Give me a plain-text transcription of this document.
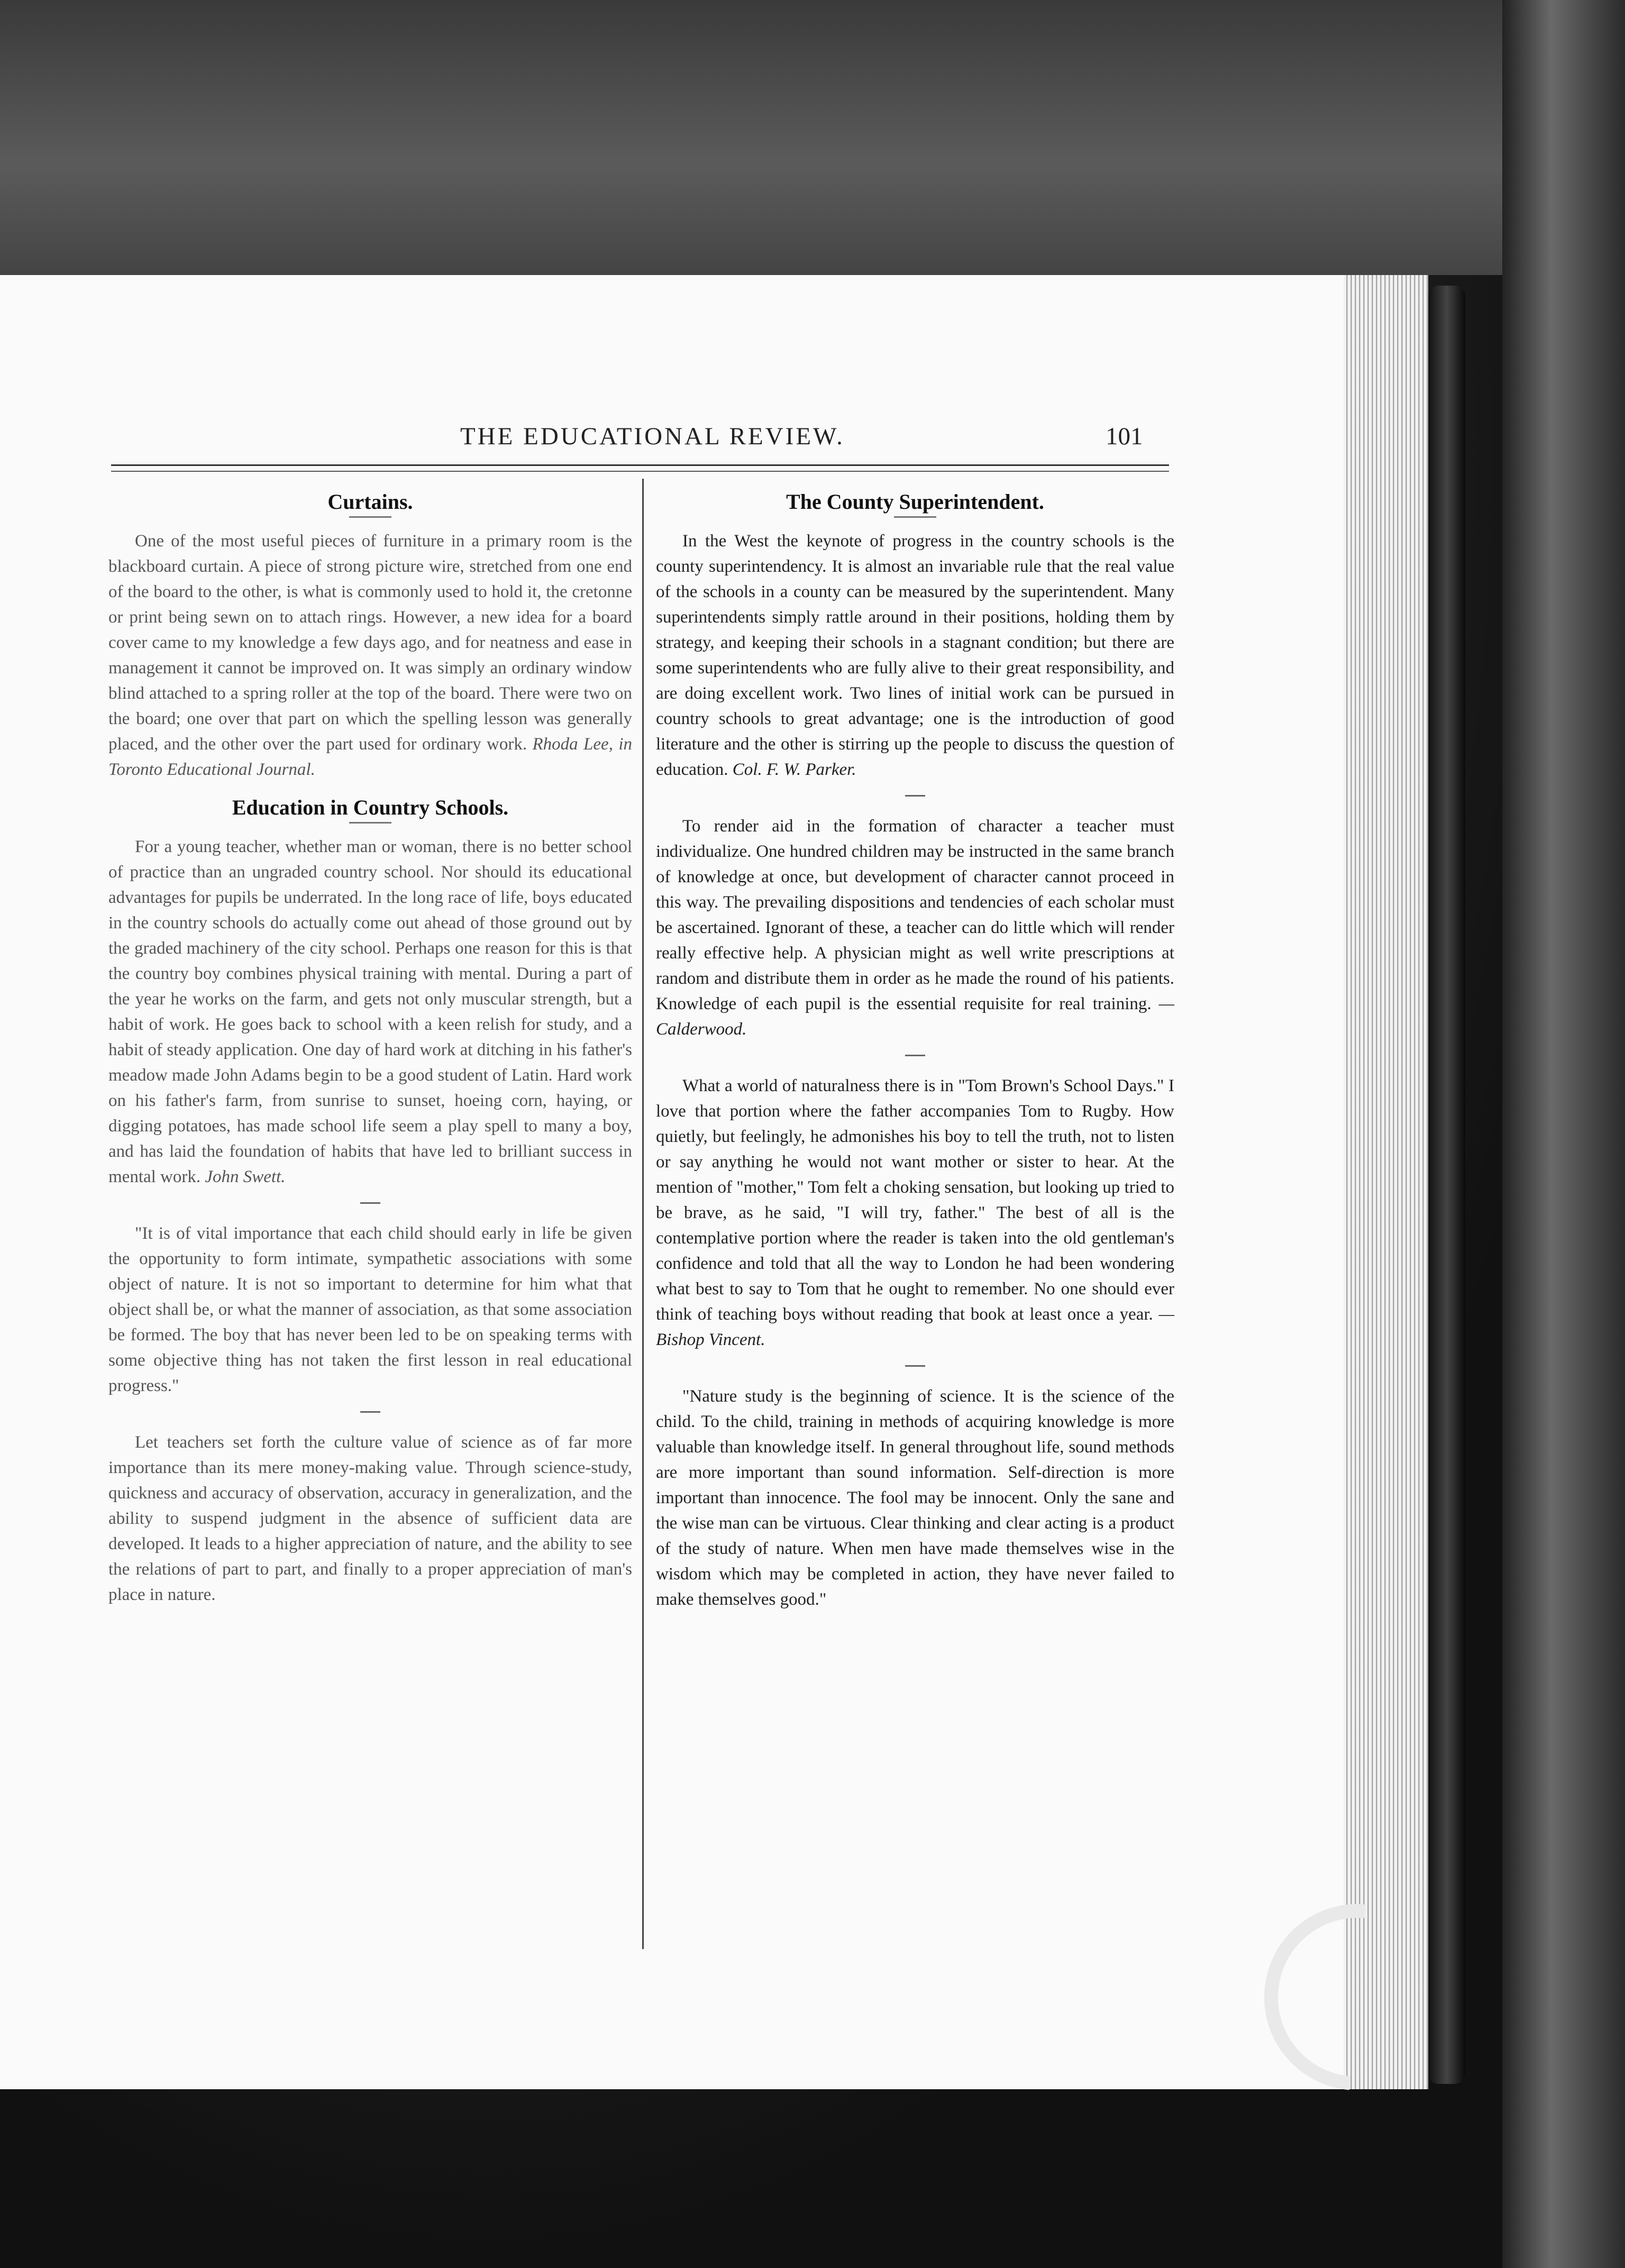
THE EDUCATIONAL REVIEW.	101
Curtains.

One of the most useful pieces of furniture in a primary room is the blackboard curtain. A piece of strong picture wire, stretched from one end of the board to the other, is what is commonly used to hold it, the cretonne or print being sewn on to attach rings. However, a new idea for a board cover came to my knowledge a few days ago, and for neatness and ease in management it cannot be improved on. It was simply an ordinary window blind attached to a spring roller at the top of the board. There were two on the board; one over that part on which the spelling lesson was generally placed, and the other over the part used for ordinary work. Rhoda Lee, in Toronto Educational Journal.

Education in Country Schools.

For a young teacher, whether man or woman, there is no better school of practice than an ungraded country school. Nor should its educational advantages for pupils be underrated. In the long race of life, boys educated in the country schools do actually come out ahead of those ground out by the graded machinery of the city school. Perhaps one reason for this is that the country boy combines physical training with mental. During a part of the year he works on the farm, and gets not only muscular strength, but a habit of work. He goes back to school with a keen relish for study, and a habit of steady application. One day of hard work at ditching in his father's meadow made John Adams begin to be a good student of Latin. Hard work on his father's farm, from sunrise to sunset, hoeing corn, haying, or digging potatoes, has made school life seem a play spell to many a boy, and has laid the foundation of habits that have led to brilliant success in mental work. John Swett.

"It is of vital importance that each child should early in life be given the opportunity to form intimate, sympathetic associations with some object of nature. It is not so important to determine for him what that object shall be, or what the manner of association, as that some association be formed. The boy that has never been led to be on speaking terms with some objective thing has not taken the first lesson in real educational progress."

Let teachers set forth the culture value of science as of far more importance than its mere money-making value. Through science-study, quickness and accuracy of observation, accuracy in generalization, and the ability to suspend judgment in the absence of sufficient data are developed. It leads to a higher appreciation of nature, and the ability to see the relations of part to part, and finally to a proper appreciation of man's place in nature.

The County Superintendent.

In the West the keynote of progress in the country schools is the county superintendency. It is almost an invariable rule that the real value of the schools in a county can be measured by the superintendent. Many superintendents simply rattle around in their positions, holding them by strategy, and keeping their schools in a stagnant condition; but there are some superintendents who are fully alive to their great responsibility, and are doing excellent work. Two lines of initial work can be pursued in country schools to great advantage; one is the introduction of good literature and the other is stirring up the people to discuss the question of education. Col. F. W. Parker.

To render aid in the formation of character a teacher must individualize. One hundred children may be instructed in the same branch of knowledge at once, but development of character cannot proceed in this way. The prevailing dispositions and tendencies of each scholar must be ascertained. Ignorant of these, a teacher can do little which will render really effective help. A physician might as well write prescriptions at random and distribute them in order as he made the round of his patients. Knowledge of each pupil is the essential requisite for real training. —Calderwood.

What a world of naturalness there is in "Tom Brown's School Days." I love that portion where the father accompanies Tom to Rugby. How quietly, but feelingly, he admonishes his boy to tell the truth, not to listen or say anything he would not want mother or sister to hear. At the mention of "mother," Tom felt a choking sensation, but looking up tried to be brave, as he said, "I will try, father." The best of all is the contemplative portion where the reader is taken into the old gentleman's confidence and told that all the way to London he had been wondering what best to say to Tom that he ought to remember. No one should ever think of teaching boys without reading that book at least once a year. —Bishop Vincent.

"Nature study is the beginning of science. It is the science of the child. To the child, training in methods of acquiring knowledge is more valuable than knowledge itself. In general throughout life, sound methods are more important than sound information. Self-direction is more important than innocence. The fool may be innocent. Only the sane and the wise man can be virtuous. Clear thinking and clear acting is a product of the study of nature. When men have made themselves wise in the wisdom which may be completed in action, they have never failed to make themselves good."
